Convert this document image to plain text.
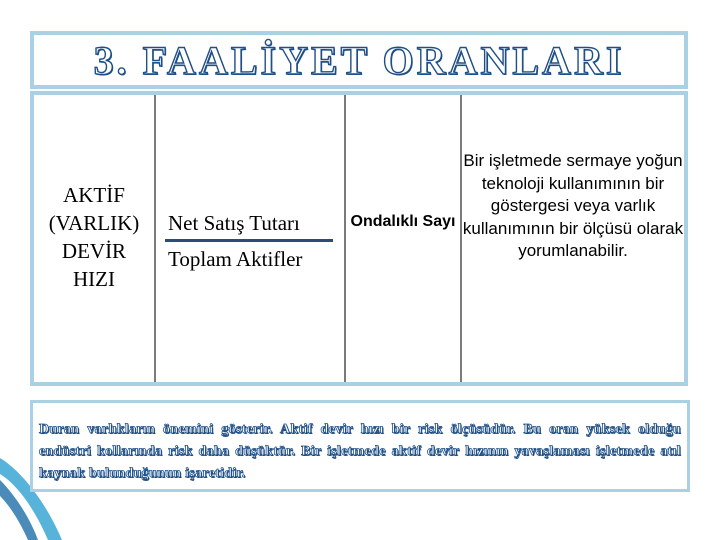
3. FAALİYET ORANLARI
AKTİF
(VARLIK)
DEVİR
HIZI
Net Satış Tutarı
Toplam Aktifler
Ondalıklı Sayı
Bir işletmede sermaye yoğun teknoloji kullanımının bir göstergesi veya varlık kullanımının bir ölçüsü olarak yorumlanabilir.
Duran varlıkların önemini gösterir. Aktif devir hızı bir risk ölçüsüdür. Bu oran yüksek olduğu endüstri kollarında risk daha düşüktür. Bir işletmede aktif devir hızının yavaşlaması işletmede atıl kaynak bulunduğunun işaretidir.
